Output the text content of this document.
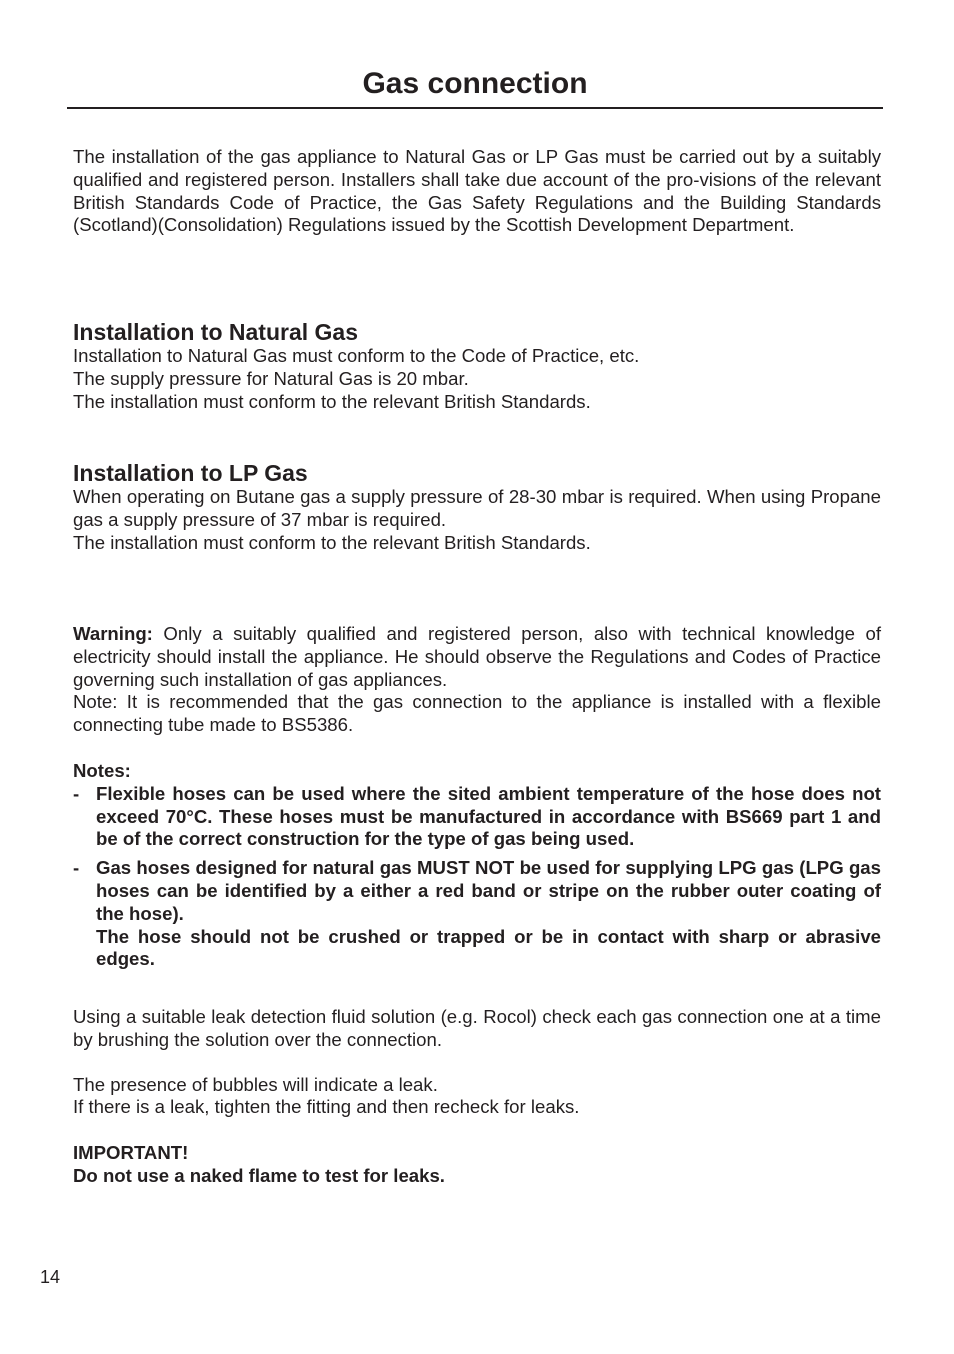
Gas connection

The installation of the gas appliance to Natural Gas or LP Gas must be carried out by a suitably qualified and registered person. Installers shall take due account of the pro-visions of the relevant British Standards Code of Practice, the Gas Safety Regulations and the Building Standards (Scotland)(Consolidation) Regulations issued by the Scottish Development Department.

Installation to Natural Gas

Installation to Natural Gas must conform to the Code of Practice, etc.

The supply pressure for Natural Gas is 20 mbar.

The installation must conform to the relevant British Standards.

Installation to LP Gas

When operating on Butane gas a supply pressure of 28-30 mbar is required. When using Propane gas a supply pressure of 37 mbar is required.

The installation must conform to the relevant British Standards.

Warning: Only a suitably qualified and registered person, also with technical knowledge of electricity should install the appliance. He should observe the Regulations and Codes of Practice governing such installation of gas appliances.

Note: It is recommended that the gas connection to the appliance is installed with a flexible connecting tube made to BS5386.

Notes:

- Flexible hoses can be used where the sited ambient temperature of the hose does not exceed 70°C. These hoses must be manufactured in accordance with BS669 part 1 and be of the correct construction for the type of gas being used.
- Gas hoses designed for natural gas MUST NOT be used for supplying LPG gas (LPG gas hoses can be identified by a either a red band or stripe on the rubber outer coating of the hose).
The hose should not be crushed or trapped or be in contact with sharp or abrasive edges.

Using a suitable leak detection fluid solution (e.g. Rocol) check each gas connection one at a time by brushing the solution over the connection.

The presence of bubbles will indicate a leak.

If there is a leak, tighten the fitting and then recheck for leaks.

IMPORTANT!

Do not use a naked flame to test for leaks.

14
